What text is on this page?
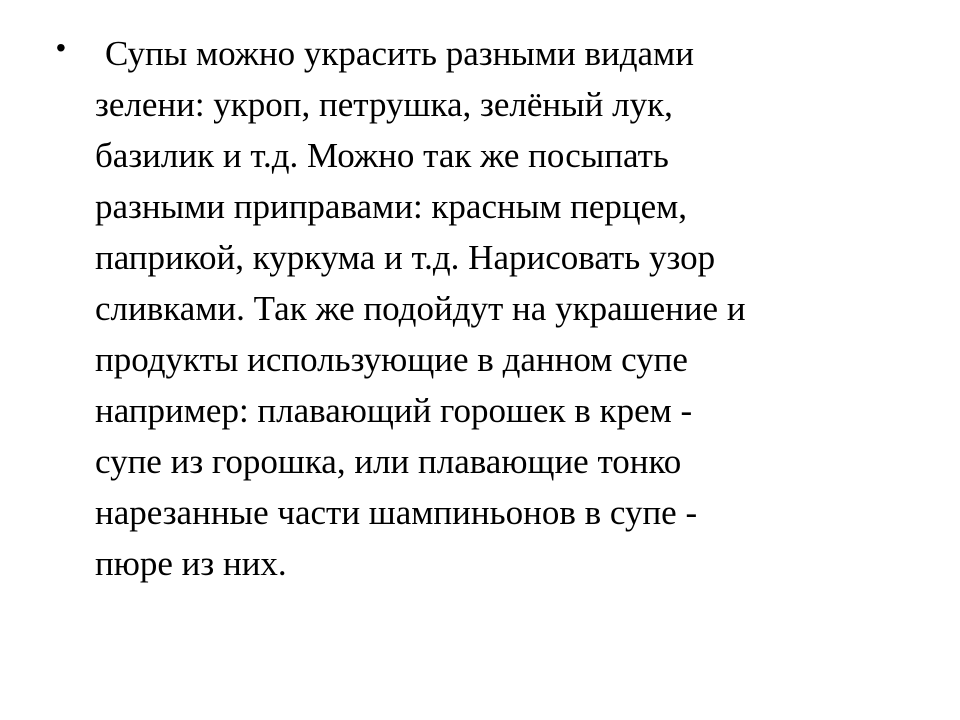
• Супы можно украсить разными видами
зелени: укроп, петрушка, зелёный лук,
базилик и т.д. Можно так же посыпать
разными приправами: красным перцем,
паприкой, куркума и т.д. Нарисовать узор
сливками. Так же подойдут на украшение и
продукты использующие в данном супе
например: плавающий горошек в крем -
супе из горошка, или плавающие тонко
нарезанные части шампиньонов в супе -
пюре из них.
